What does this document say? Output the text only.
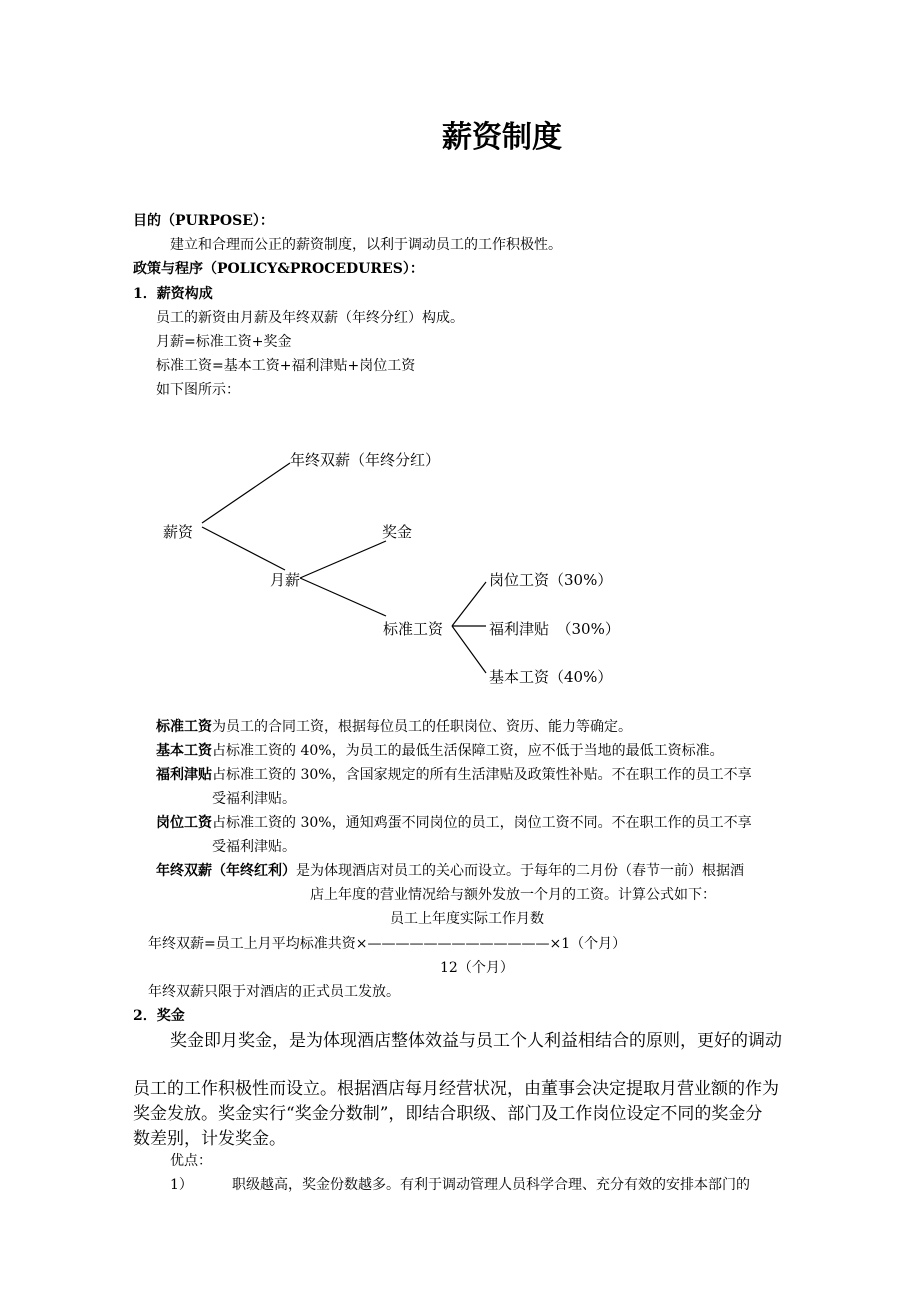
薪资制度
目的（PURPOSE）：
建立和合理而公正的薪资制度，以利于调动员工的工作积极性。
政策与程序（POLICY&PROCEDURES）：
1．薪资构成
员工的新资由月薪及年终双薪（年终分红）构成。
月薪=标准工资+奖金
标准工资=基本工资+福利津贴+岗位工资
如下图所示：
薪资
年终双薪（年终分红）
月薪
奖金
标准工资
岗位工资（30%）
福利津贴　（30%）
基本工资（40%）
标准工资为员工的合同工资，根据每位员工的任职岗位、资历、能力等确定。
基本工资占标准工资的 40%，为员工的最低生活保障工资，应不低于当地的最低工资标准。
福利津贴占标准工资的 30%，含国家规定的所有生活津贴及政策性补贴。不在职工作的员工不享
受福利津贴。
岗位工资占标准工资的 30%，通知鸡蛋不同岗位的员工，岗位工资不同。不在职工作的员工不享
受福利津贴。
年终双薪（年终红利）是为体现酒店对员工的关心而设立。于每年的二月份（春节一前）根据酒
店上年度的营业情况给与额外发放一个月的工资。计算公式如下：
员工上年度实际工作月数
年终双薪=员工上月平均标准共资×—————————————×1（个月）
12（个月）
年终双薪只限于对酒店的正式员工发放。
2．奖金
奖金即月奖金，是为体现酒店整体效益与员工个人利益相结合的原则，更好的调动
员工的工作积极性而设立。根据酒店每月经营状况，由董事会决定提取月营业额的作为
奖金发放。奖金实行“奖金分数制”，即结合职级、部门及工作岗位设定不同的奖金分
数差别，计发奖金。
优点：
1）	职级越高，奖金份数越多。有利于调动管理人员科学合理、充分有效的安排本部门的
